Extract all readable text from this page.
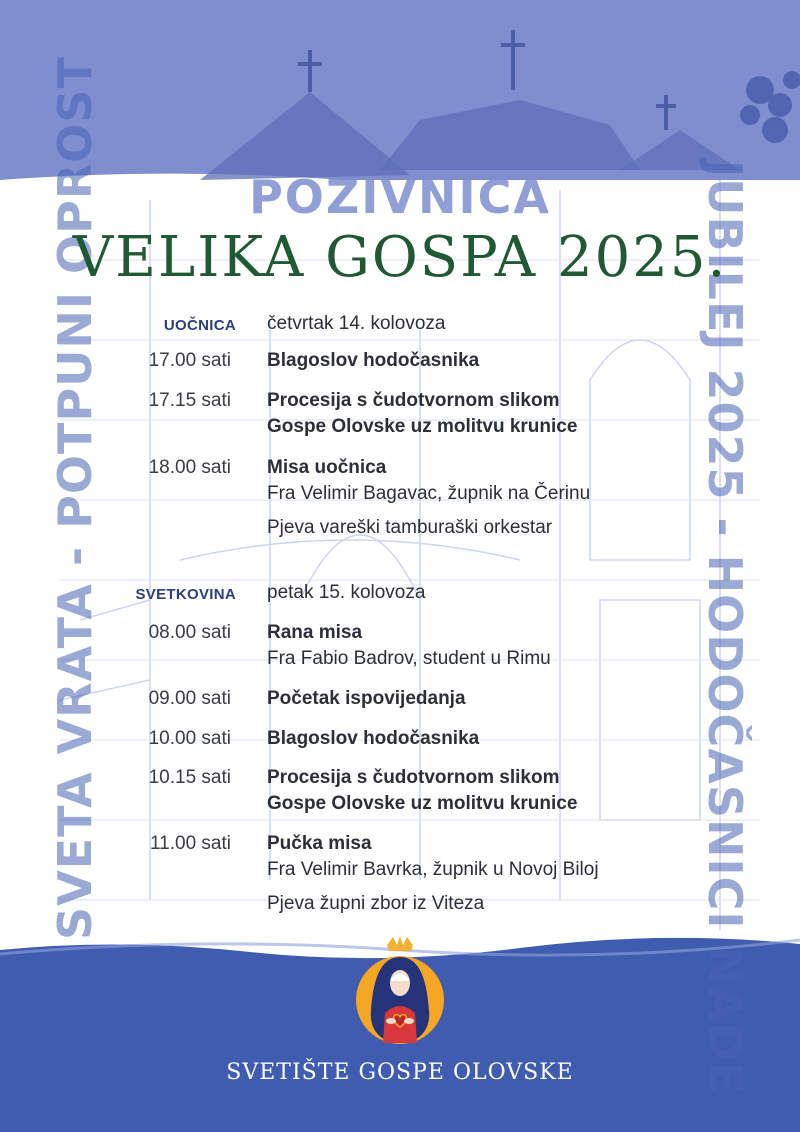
SVETA VRATA - POTPUNI OPROST	JUBILEJ 2025 - HODOČASNICI NADE
POZIVNICA
VELIKA GOSPA 2025.
UOČNICA četvrtak 14. kolovoza
17.00 sati Blagoslov hodočasnika
17.15 sati Procesija s čudotvornom slikom
Gospe Olovske uz molitvu krunice
18.00 sati Misa uočnica
Fra Velimir Bagavac, župnik na Čerinu
Pjeva vareški tamburaški orkestar
SVETKOVINA petak 15. kolovoza
08.00 sati Rana misa
Fra Fabio Badrov, student u Rimu
09.00 sati Početak ispovijedanja
10.00 sati Blagoslov hodočasnika
10.15 sati Procesija s čudotvornom slikom
Gospe Olovske uz molitvu krunice
11.00 sati Pučka misa
Fra Velimir Bavrka, župnik u Novoj Biloj
Pjeva župni zbor iz Viteza
SVETIŠTE GOSPE OLOVSKE
